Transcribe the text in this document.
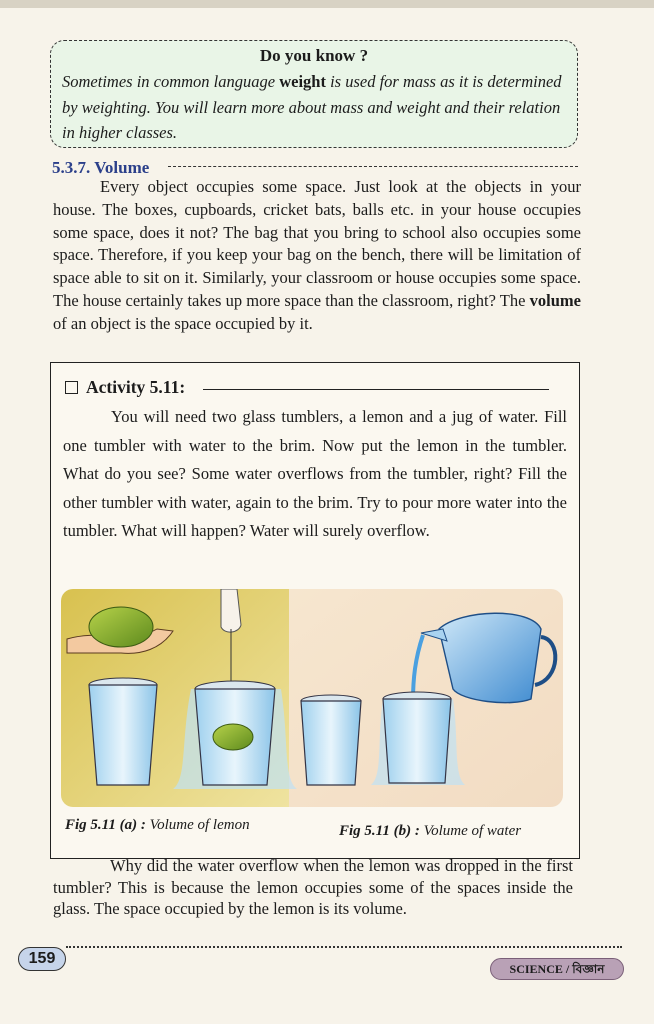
Do you know ?
Sometimes in common language weight is used for mass as it is determined by weighting. You will learn more about mass and weight and their relation in higher classes.
5.3.7. Volume

Every object occupies some space. Just look at the objects in your house. The boxes, cupboards, cricket bats, balls etc. in your house occupies some space, does it not? The bag that you bring to school also occupies some space. Therefore, if you keep your bag on the bench, there will be limitation of space able to sit on it. Similarly, your classroom or house occupies some space. The house certainly takes up more space than the classroom, right? The volume of an object is the space occupied by it.

Activity 5.11:

You will need two glass tumblers, a lemon and a jug of water. Fill one tumbler with water to the brim. Now put the lemon in the tumbler. What do you see? Some water overflows from the tumbler, right? Fill the other tumbler with water, again to the brim. Try to pour more water into the tumbler. What will happen? Water will surely overflow.

Fig 5.11 (a) : Volume of lemon	Fig 5.11 (b) : Volume of water

Why did the water overflow when the lemon was dropped in the first tumbler? This is because the lemon occupies some of the spaces inside the glass. The space occupied by the lemon is its volume.

159
SCIENCE / বিজ্ঞান
